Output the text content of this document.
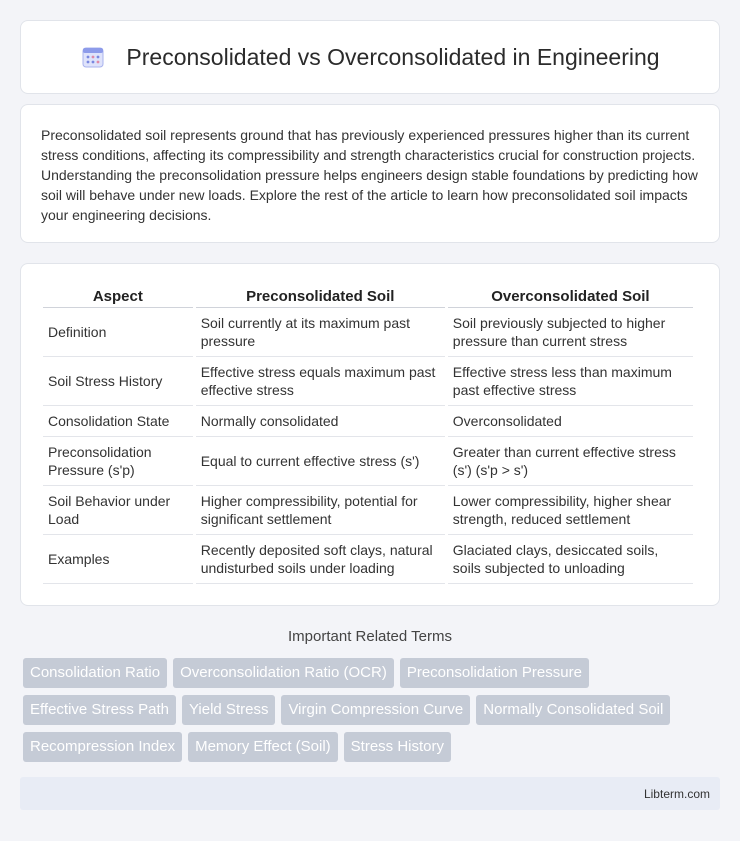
Preconsolidated vs Overconsolidated in Engineering

Preconsolidated soil represents ground that has previously experienced pressures higher than its current stress conditions, affecting its compressibility and strength characteristics crucial for construction projects. Understanding the preconsolidation pressure helps engineers design stable foundations by predicting how soil will behave under new loads. Explore the rest of the article to learn how preconsolidated soil impacts your engineering decisions.

Aspect	Preconsolidated Soil	Overconsolidated Soil
Definition	Soil currently at its maximum past pressure	Soil previously subjected to higher pressure than current stress
Soil Stress History	Effective stress equals maximum past effective stress	Effective stress less than maximum past effective stress
Consolidation State	Normally consolidated	Overconsolidated
Preconsolidation Pressure (s'p)	Equal to current effective stress (s')	Greater than current effective stress (s') (s'p > s')
Soil Behavior under Load	Higher compressibility, potential for significant settlement	Lower compressibility, higher shear strength, reduced settlement
Examples	Recently deposited soft clays, natural undisturbed soils under loading	Glaciated clays, desiccated soils, soils subjected to unloading
Important Related Terms
Consolidation Ratio	Overconsolidation Ratio (OCR)	Preconsolidation Pressure
Effective Stress Path	Yield Stress	Virgin Compression Curve	Normally Consolidated Soil
Recompression Index	Memory Effect (Soil)	Stress History
Libterm.com
